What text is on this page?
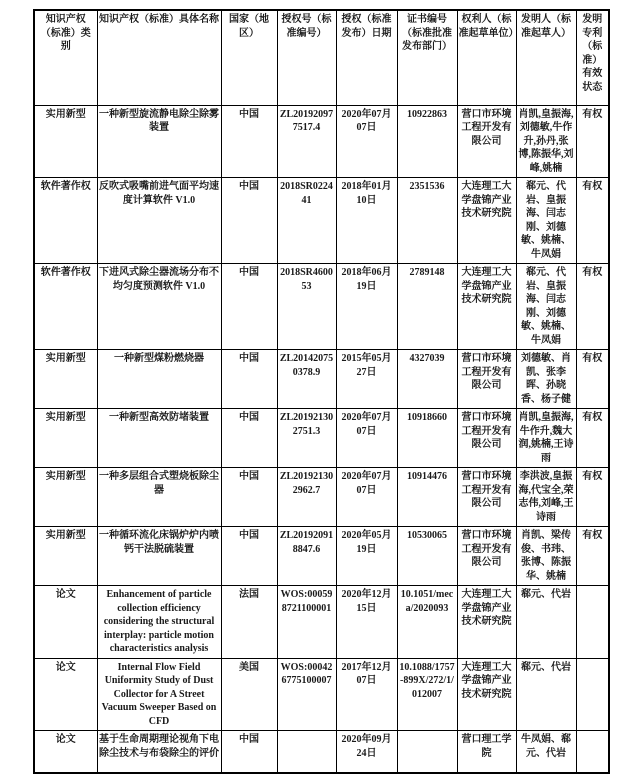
知识产权（标准）类别	知识产权（标准）具体名称	国家（地区）	授权号（标准编号）	授权（标准发布）日期	证书编号（标准批准发布部门）	权利人（标准起草单位）	发明人（标准起草人）	发明专利（标准）有效状态
实用新型	一种新型旋流静电除尘除雾装置	中国	ZL201920977517.4	2020年07月07日	10922863	营口市环境工程开发有限公司	肖凯,皇振海,刘德敏,牛作升,孙丹,张博,陈振华,刘峰,姚楠	有权
软件著作权	反吹式吸嘴前进气面平均速度计算软件 V1.0	中国	2018SR022441	2018年01月10日	2351536	大连理工大学盘锦产业技术研究院	郗元、代岩、皇振海、闫志刚、刘德敏、姚楠、牛凤娟	有权
软件著作权	下进风式除尘器流场分布不均匀度预测软件 V1.0	中国	2018SR460053	2018年06月19日	2789148	大连理工大学盘锦产业技术研究院	郗元、代岩、皇振海、闫志刚、刘德敏、姚楠、牛凤娟	有权
实用新型	一种新型煤粉燃烧器	中国	ZL201420750378.9	2015年05月27日	4327039	营口市环境工程开发有限公司	刘德敏、肖凯、张李晖、孙晓香、杨子健	有权
实用新型	一种新型高效防堵装置	中国	ZL201921302751.3	2020年07月07日	10918660	营口市环境工程开发有限公司	肖凯,皇振海,牛作升,魏大润,姚楠,王诗雨	有权
实用新型	一种多层组合式塑烧板除尘器	中国	ZL201921302962.7	2020年07月07日	10914476	营口市环境工程开发有限公司	李洪波,皇振海,代宝全,荣志伟,刘峰,王诗雨	有权
实用新型	一种循环流化床锅炉炉内喷钙干法脱硫装置	中国	ZL201920918847.6	2020年05月19日	10530065	营口市环境工程开发有限公司	肖凯、梁传俊、书玮、张博、陈振华、姚楠	有权
论文	Enhancement of particle collection efficiency considering the structural interplay: particle motion characteristics analysis	法国	WOS:000598721100001	2020年12月15日	10.1051/meca/2020093	大连理工大学盘锦产业技术研究院	郗元、代岩	
论文	Internal Flow Field Uniformity Study of Dust Collector for A Street Vacuum Sweeper Based on CFD	美国	WOS:000426775100007	2017年12月07日	10.1088/1757-899X/272/1/012007	大连理工大学盘锦产业技术研究院	郗元、代岩	
论文	基于生命周期理论视角下电除尘技术与布袋除尘的评价	中国		2020年09月24日		营口理工学院	牛凤娟、郗元、代岩	
